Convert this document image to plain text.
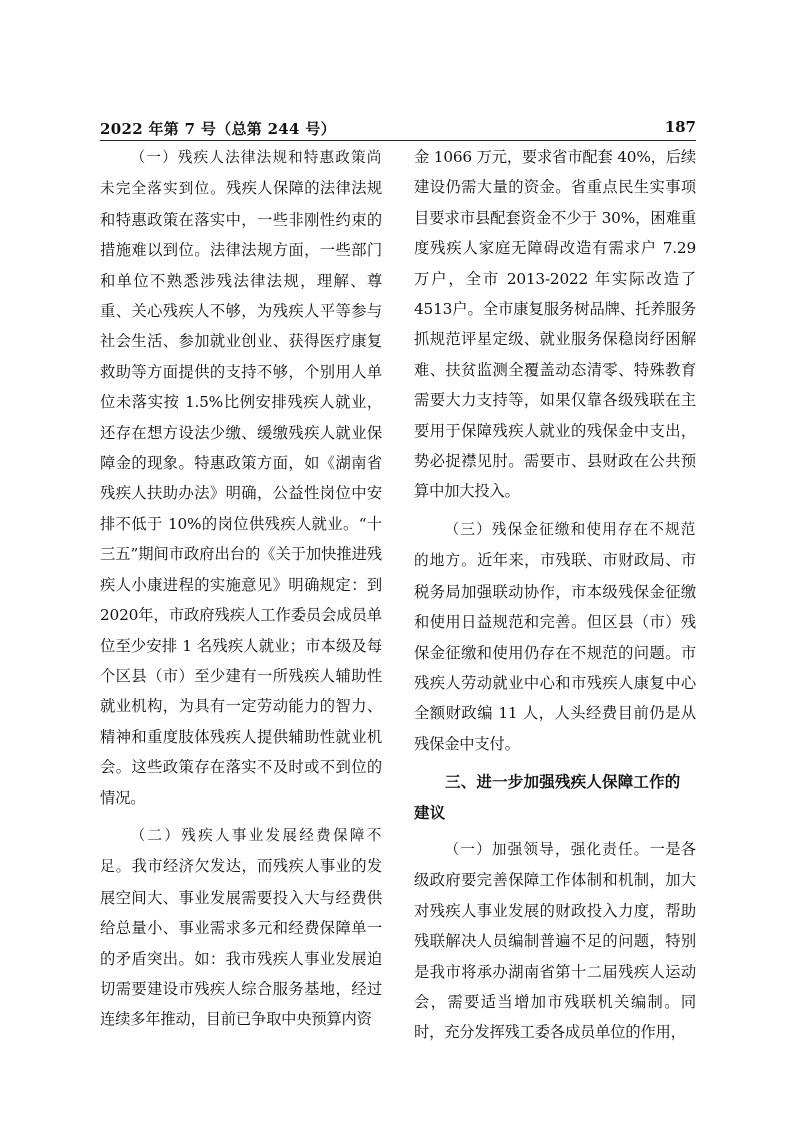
2022 年第 7 号（总第 244 号）	187

（一）残疾人法律法规和特惠政策尚未完全落实到位。残疾人保障的法律法规和特惠政策在落实中，一些非刚性约束的措施难以到位。法律法规方面，一些部门和单位不熟悉涉残法律法规，理解、尊重、关心残疾人不够，为残疾人平等参与社会生活、参加就业创业、获得医疗康复救助等方面提供的支持不够，个别用人单位未落实按 1.5%比例安排残疾人就业，还存在想方设法少缴、缓缴残疾人就业保障金的现象。特惠政策方面，如《湖南省残疾人扶助办法》明确，公益性岗位中安排不低于 10%的岗位供残疾人就业。“十三五”期间市政府出台的《关于加快推进残疾人小康进程的实施意见》明确规定：到 2020年，市政府残疾人工作委员会成员单位至少安排 1 名残疾人就业；市本级及每个区县（市）至少建有一所残疾人辅助性就业机构，为具有一定劳动能力的智力、精神和重度肢体残疾人提供辅助性就业机会。这些政策存在落实不及时或不到位的情况。

（二）残疾人事业发展经费保障不足。我市经济欠发达，而残疾人事业的发展空间大、事业发展需要投入大与经费供给总量小、事业需求多元和经费保障单一的矛盾突出。如：我市残疾人事业发展迫切需要建设市残疾人综合服务基地，经过连续多年推动，目前已争取中央预算内资

金 1066 万元，要求省市配套 40%，后续建设仍需大量的资金。省重点民生实事项目要求市县配套资金不少于 30%，困难重度残疾人家庭无障碍改造有需求户 7.29 万户，全市 2013-2022 年实际改造了 4513户。全市康复服务树品牌、托养服务抓规范评星定级、就业服务保稳岗纾困解难、扶贫监测全覆盖动态清零、特殊教育需要大力支持等，如果仅靠各级残联在主要用于保障残疾人就业的残保金中支出，势必捉襟见肘。需要市、县财政在公共预算中加大投入。

（三）残保金征缴和使用存在不规范的地方。近年来，市残联、市财政局、市税务局加强联动协作，市本级残保金征缴和使用日益规范和完善。但区县（市）残保金征缴和使用仍存在不规范的问题。市残疾人劳动就业中心和市残疾人康复中心全额财政编 11 人，人头经费目前仍是从残保金中支付。

三、进一步加强残疾人保障工作的建议

（一）加强领导，强化责任。一是各级政府要完善保障工作体制和机制，加大对残疾人事业发展的财政投入力度，帮助残联解决人员编制普遍不足的问题，特别是我市将承办湖南省第十二届残疾人运动会，需要适当增加市残联机关编制。同时，充分发挥残工委各成员单位的作用，
